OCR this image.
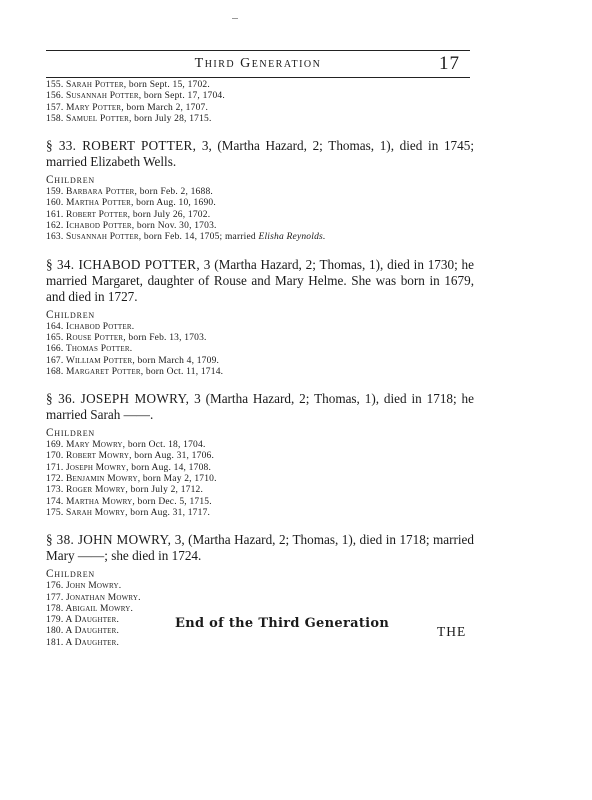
Third Generation	17
155. Sarah Potter, born Sept. 15, 1702.
156. Susannah Potter, born Sept. 17, 1704.
157. Mary Potter, born March 2, 1707.
158. Samuel Potter, born July 28, 1715.
§ 33. ROBERT POTTER, 3, (Martha Hazard, 2; Thomas, 1), died in 1745; married Elizabeth Wells.
Children
159. Barbara Potter, born Feb. 2, 1688.
160. Martha Potter, born Aug. 10, 1690.
161. Robert Potter, born July 26, 1702.
162. Ichabod Potter, born Nov. 30, 1703.
163. Susannah Potter, born Feb. 14, 1705; married Elisha Reynolds.
§ 34. ICHABOD POTTER, 3 (Martha Hazard, 2; Thomas, 1), died in 1730; he married Margaret, daughter of Rouse and Mary Helme. She was born in 1679, and died in 1727.
Children
164. Ichabod Potter.
165. Rouse Potter, born Feb. 13, 1703.
166. Thomas Potter.
167. William Potter, born March 4, 1709.
168. Margaret Potter, born Oct. 11, 1714.
§ 36. JOSEPH MOWRY, 3 (Martha Hazard, 2; Thomas, 1), died in 1718; he married Sarah ——.
Children
169. Mary Mowry, born Oct. 18, 1704.
170. Robert Mowry, born Aug. 31, 1706.
171. Joseph Mowry, born Aug. 14, 1708.
172. Benjamin Mowry, born May 2, 1710.
173. Roger Mowry, born July 2, 1712.
174. Martha Mowry, born Dec. 5, 1715.
175. Sarah Mowry, born Aug. 31, 1717.
§ 38. JOHN MOWRY, 3, (Martha Hazard, 2; Thomas, 1), died in 1718; married Mary ——; she died in 1724.
Children
176. John Mowry.
177. Jonathan Mowry.
178. Abigail Mowry.
179. A Daughter.
180. A Daughter.
181. A Daughter.
End of the Third Generation
THE
